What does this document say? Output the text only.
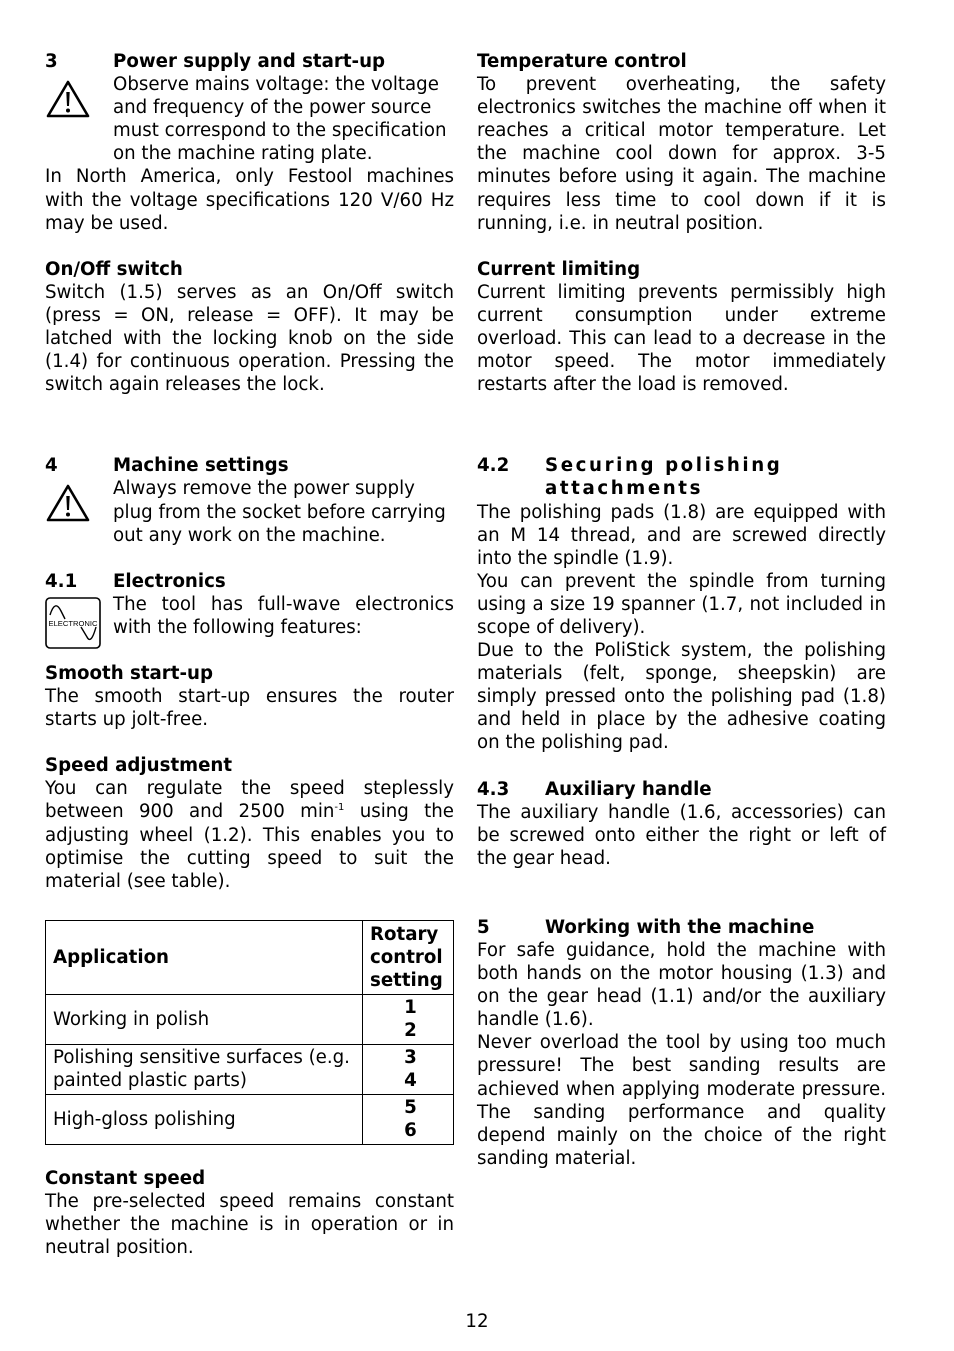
3	Power supply and start-up

Observe mains voltage: the voltage and frequency of the power source must correspond to the specification on the machine rating plate.

In North America, only Festool machines with the voltage specifications 120 V/60 Hz may be used.

On/Off switch

Switch (1.5) serves as an On/Off switch (press = ON, release = OFF). It may be latched with the locking knob on the side (1.4) for continuous operation. Pressing the switch again releases the lock.

4	Machine settings

Always remove the power supply plug from the socket before carrying out any work on the machine.

4.1	Electronics
ELECTRONIC

The tool has full-wave electronics with the following features:

Smooth start-up

The smooth start-up ensures the router starts up jolt-free.

Speed adjustment

You can regulate the speed steplessly between 900 and 2500 $\min^{-1} using$ the adjusting wheel (1.2). This enables you to optimise the cutting speed to suit the material (see table).

Application	Rotary control setting
Working in polish	1
2

Polishing sensitive surfaces (e.g. painted plastic parts)	3
4

High-gloss polishing	5
6

Constant speed

The pre-selected speed remains constant whether the machine is in operation or in neutral position.

Temperature control

To prevent overheating, the safety electronics switches the machine off when it reaches a critical motor temperature. Let the machine cool down for approx. 3-5 minutes before using it again. The machine requires less time to cool down if it is running, i.e. in neutral position.

Current limiting

Current limiting prevents permissibly high current consumption under extreme overload. This can lead to a decrease in the motor speed. The motor immediately restarts after the load is removed.

4.2	Securing polishing attachments

The polishing pads (1.8) are equipped with an M 14 thread, and are screwed directly into the spindle (1.9).

You can prevent the spindle from turning using a size 19 spanner (1.7, not included in scope of delivery).

Due to the PoliStick system, the polishing materials (felt, sponge, sheepskin) are simply pressed onto the polishing pad (1.8) and held in place by the adhesive coating on the polishing pad.

4.3	Auxiliary handle

The auxiliary handle (1.6, accessories) can be screwed onto either the right or left of the gear head.

5	Working with the machine

For safe guidance, hold the machine with both hands on the motor housing (1.3) and on the gear head (1.1) and/or the auxiliary handle (1.6).

Never overload the tool by using too much pressure! The best sanding results are achieved when applying moderate pressure. The sanding performance and quality depend mainly on the choice of the right sanding material.

12
